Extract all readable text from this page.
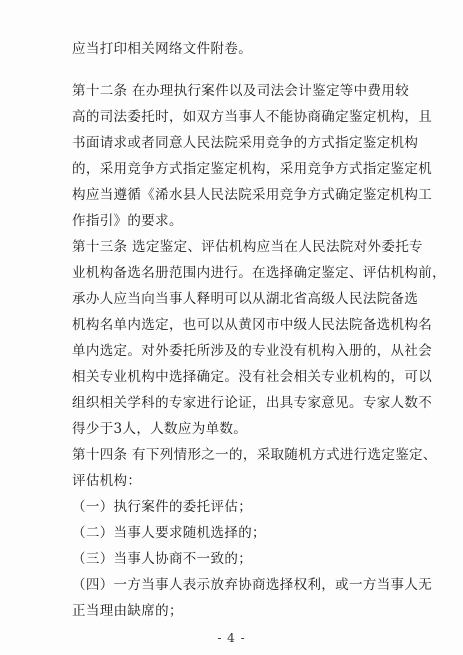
应当打印相关网络文件附卷。
第十二条 在办理执行案件以及司法会计鉴定等中费用较
高的司法委托时，如双方当事人不能协商确定鉴定机构，且
书面请求或者同意人民法院采用竞争的方式指定鉴定机构
的，采用竞争方式指定鉴定机构，采用竞争方式指定鉴定机
构应当遵循《浠水县人民法院采用竞争方式确定鉴定机构工
作指引》的要求。
第十三条 选定鉴定、评估机构应当在人民法院对外委托专
业机构备选名册范围内进行。在选择确定鉴定、评估机构前，
承办人应当向当事人释明可以从湖北省高级人民法院备选
机构名单内选定，也可以从黄冈市中级人民法院备选机构名
单内选定。对外委托所涉及的专业没有机构入册的，从社会
相关专业机构中选择确定。没有社会相关专业机构的，可以
组织相关学科的专家进行论证，出具专家意见。专家人数不
得少于3人，人数应为单数。
第十四条 有下列情形之一的，采取随机方式进行选定鉴定、
评估机构：
（一）执行案件的委托评估；
（二）当事人要求随机选择的；
（三）当事人协商不一致的；
（四）一方当事人表示放弃协商选择权利，或一方当事人无
正当理由缺席的；
- 4 -
